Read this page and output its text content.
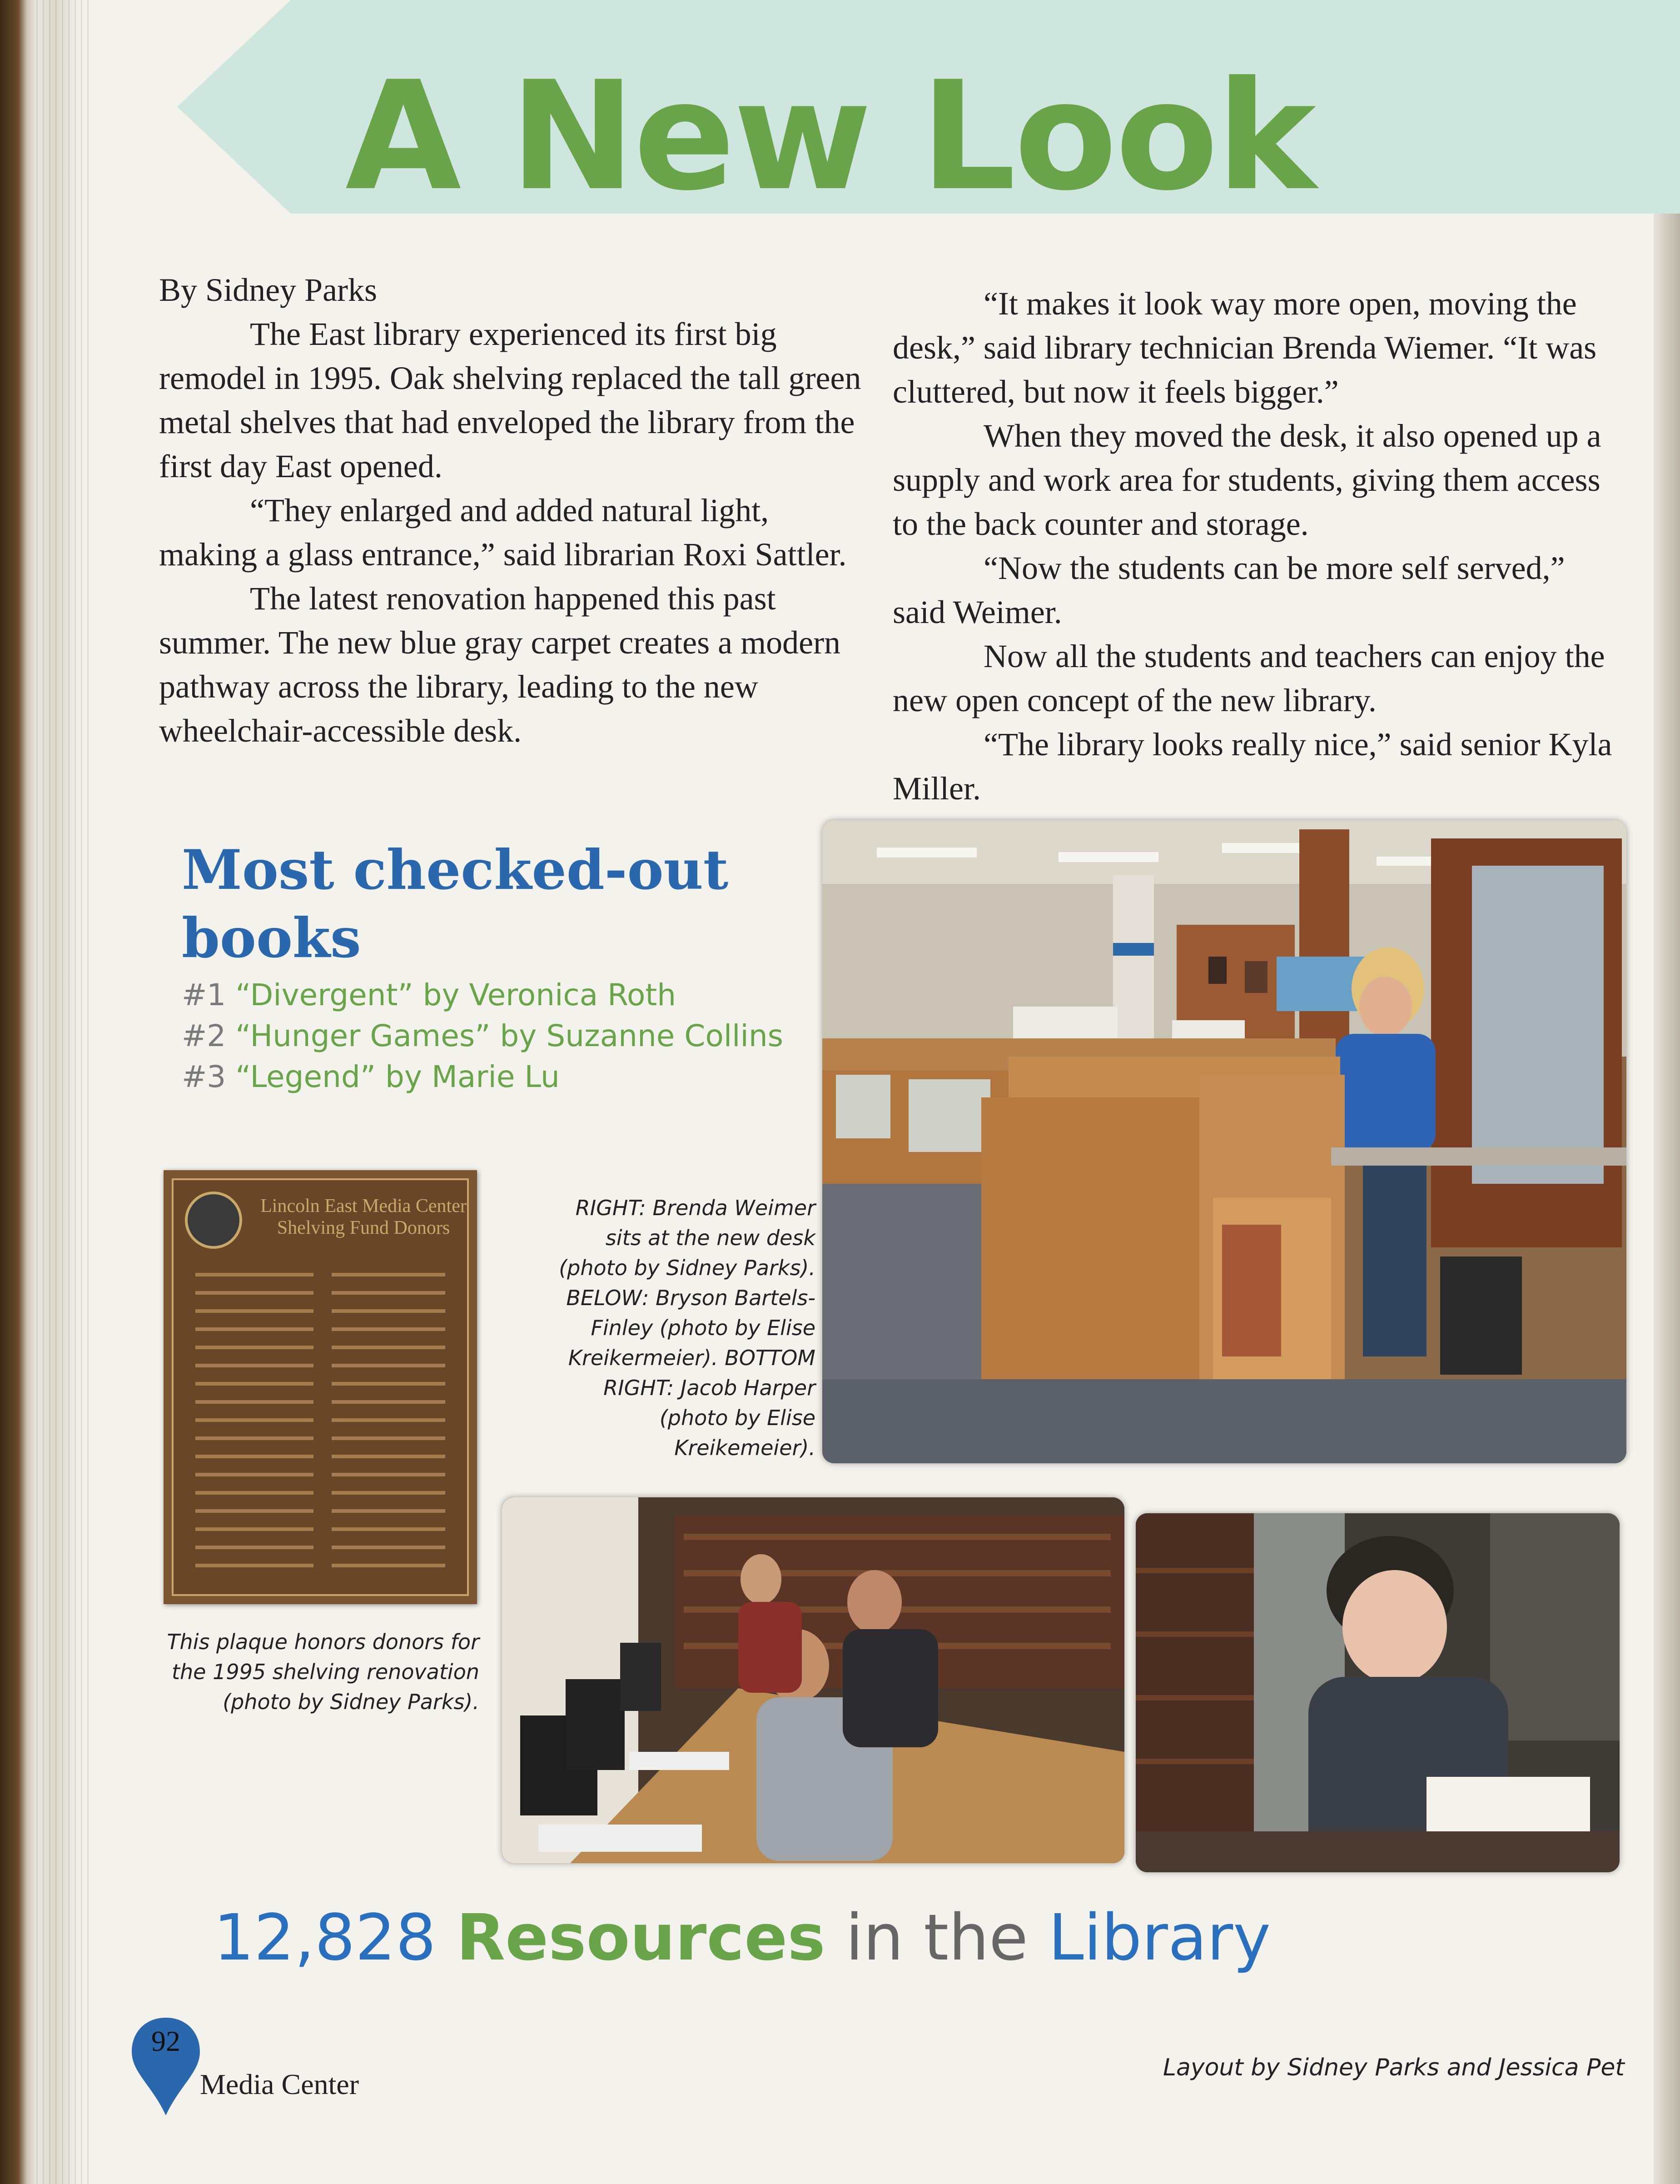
A New Look

By Sidney Parks

The East library experienced its first big remodel in 1995. Oak shelving replaced the tall green metal shelves that had enveloped the library from the first day East opened.

“They enlarged and added natural light, making a glass entrance,” said librarian Roxi Sattler.

The latest renovation happened this past summer. The new blue gray carpet creates a modern pathway across the library, leading to the new wheelchair-accessible desk.

“It makes it look way more open, moving the desk,” said library technician Brenda Wiemer. “It was cluttered, but now it feels bigger.”

When they moved the desk, it also opened up a supply and work area for students, giving them access to the back counter and storage.

“Now the students can be more self served,” said Weimer.

Now all the students and teachers can enjoy the new open concept of the new library.

“The library looks really nice,” said senior Kyla Miller.

Most checked-out books
#1 “Divergent” by Veronica Roth
#2 “Hunger Games” by Suzanne Collins
#3 “Legend” by Marie Lu
Lincoln East Media Center Shelving Fund Donors
RIGHT: Brenda Weimer sits at the new desk (photo by Sidney Parks). BELOW: Bryson Bartels-Finley (photo by Elise Kreikermeier). BOTTOM RIGHT: Jacob Harper (photo by Elise Kreikemeier).
This plaque honors donors for the 1995 shelving renovation (photo by Sidney Parks).
12,828 Resources in the Library
92
Media Center
Layout by Sidney Parks and Jessica Pet
